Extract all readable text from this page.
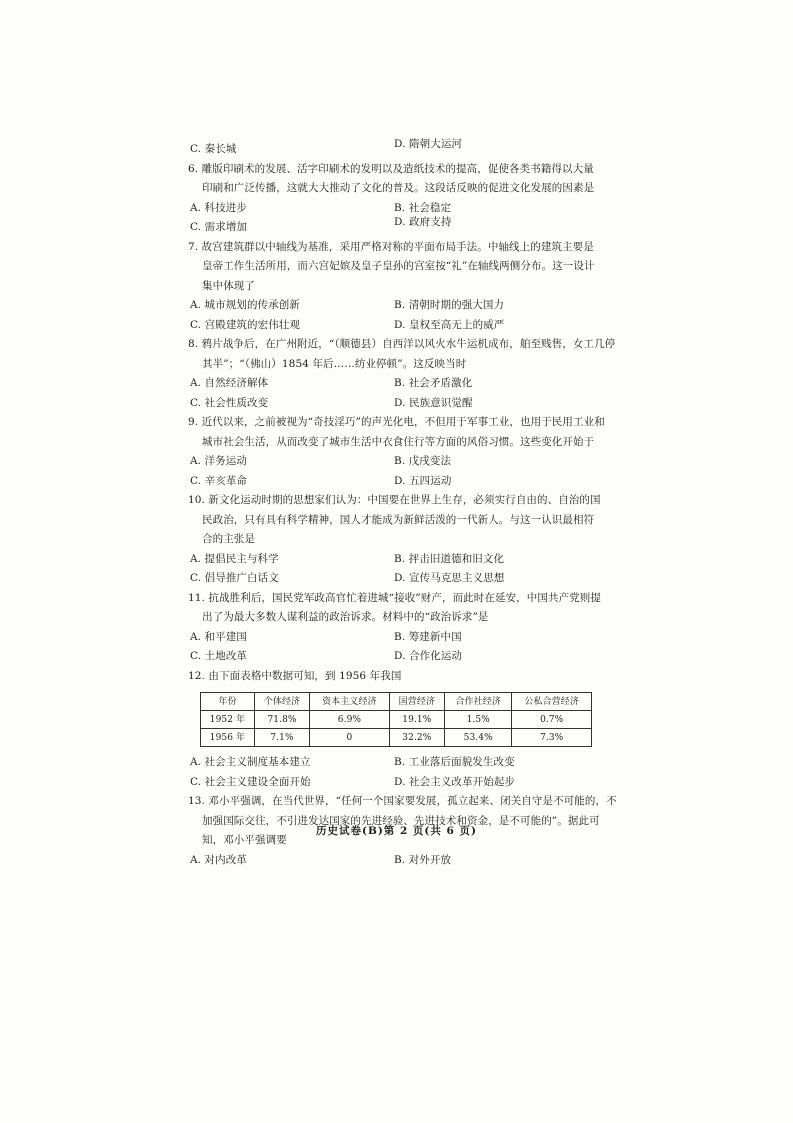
C. 秦长城	D. 隋朝大运河
6. 雕版印刷术的发展、活字印刷术的发明以及造纸技术的提高，促使各类书籍得以大量
印刷和广泛传播，这就大大推动了文化的普及。这段话反映的促进文化发展的因素是
A. 科技进步	B. 社会稳定
C. 需求增加	D. 政府支持
7. 故宫建筑群以中轴线为基准，采用严格对称的平面布局手法。中轴线上的建筑主要是
皇帝工作生活所用，而六宫妃嫔及皇子皇孙的宫室按“礼”在轴线两侧分布。这一设计
集中体现了
A. 城市规划的传承创新	B. 清朝时期的强大国力
C. 宫殿建筑的宏伟壮观	D. 皇权至高无上的威严
8. 鸦片战争后，在广州附近，“（顺德县）自西洋以风火水牛运机成布，舶至贱售，女工几停
其半”；“（佛山）1854 年后……纺业停顿”。这反映当时
A. 自然经济解体	B. 社会矛盾激化
C. 社会性质改变	D. 民族意识觉醒
9. 近代以来，之前被视为“奇技淫巧”的声光化电，不但用于军事工业，也用于民用工业和
城市社会生活，从而改变了城市生活中衣食住行等方面的风俗习惯。这些变化开始于
A. 洋务运动	B. 戊戌变法
C. 辛亥革命	D. 五四运动
10. 新文化运动时期的思想家们认为：中国要在世界上生存，必须实行自由的、自治的国
民政治，只有具有科学精神，国人才能成为新鲜活泼的一代新人。与这一认识最相符
合的主张是
A. 提倡民主与科学	B. 抨击旧道德和旧文化
C. 倡导推广白话文	D. 宣传马克思主义思想
11. 抗战胜利后，国民党军政高官忙着进城“接收”财产，而此时在延安，中国共产党则提
出了为最大多数人谋利益的政治诉求。材料中的“政治诉求”是
A. 和平建国	B. 筹建新中国
C. 土地改革	D. 合作化运动
12. 由下面表格中数据可知，到 1956 年我国
年份	个体经济	资本主义经济	国营经济	合作社经济	公私合营经济
1952 年	71.8%	6.9%	19.1%	1.5%	0.7%
1956 年	7.1%	0	32.2%	53.4%	7.3%
A. 社会主义制度基本建立	B. 工业落后面貌发生改变
C. 社会主义建设全面开始	D. 社会主义改革开始起步
13. 邓小平强调，在当代世界，“任何一个国家要发展，孤立起来、闭关自守是不可能的，不
加强国际交往，不引进发达国家的先进经验、先进技术和资金，是不可能的”。据此可
知，邓小平强调要
A. 对内改革	B. 对外开放
历史试卷(B)第 2 页(共 6 页)
